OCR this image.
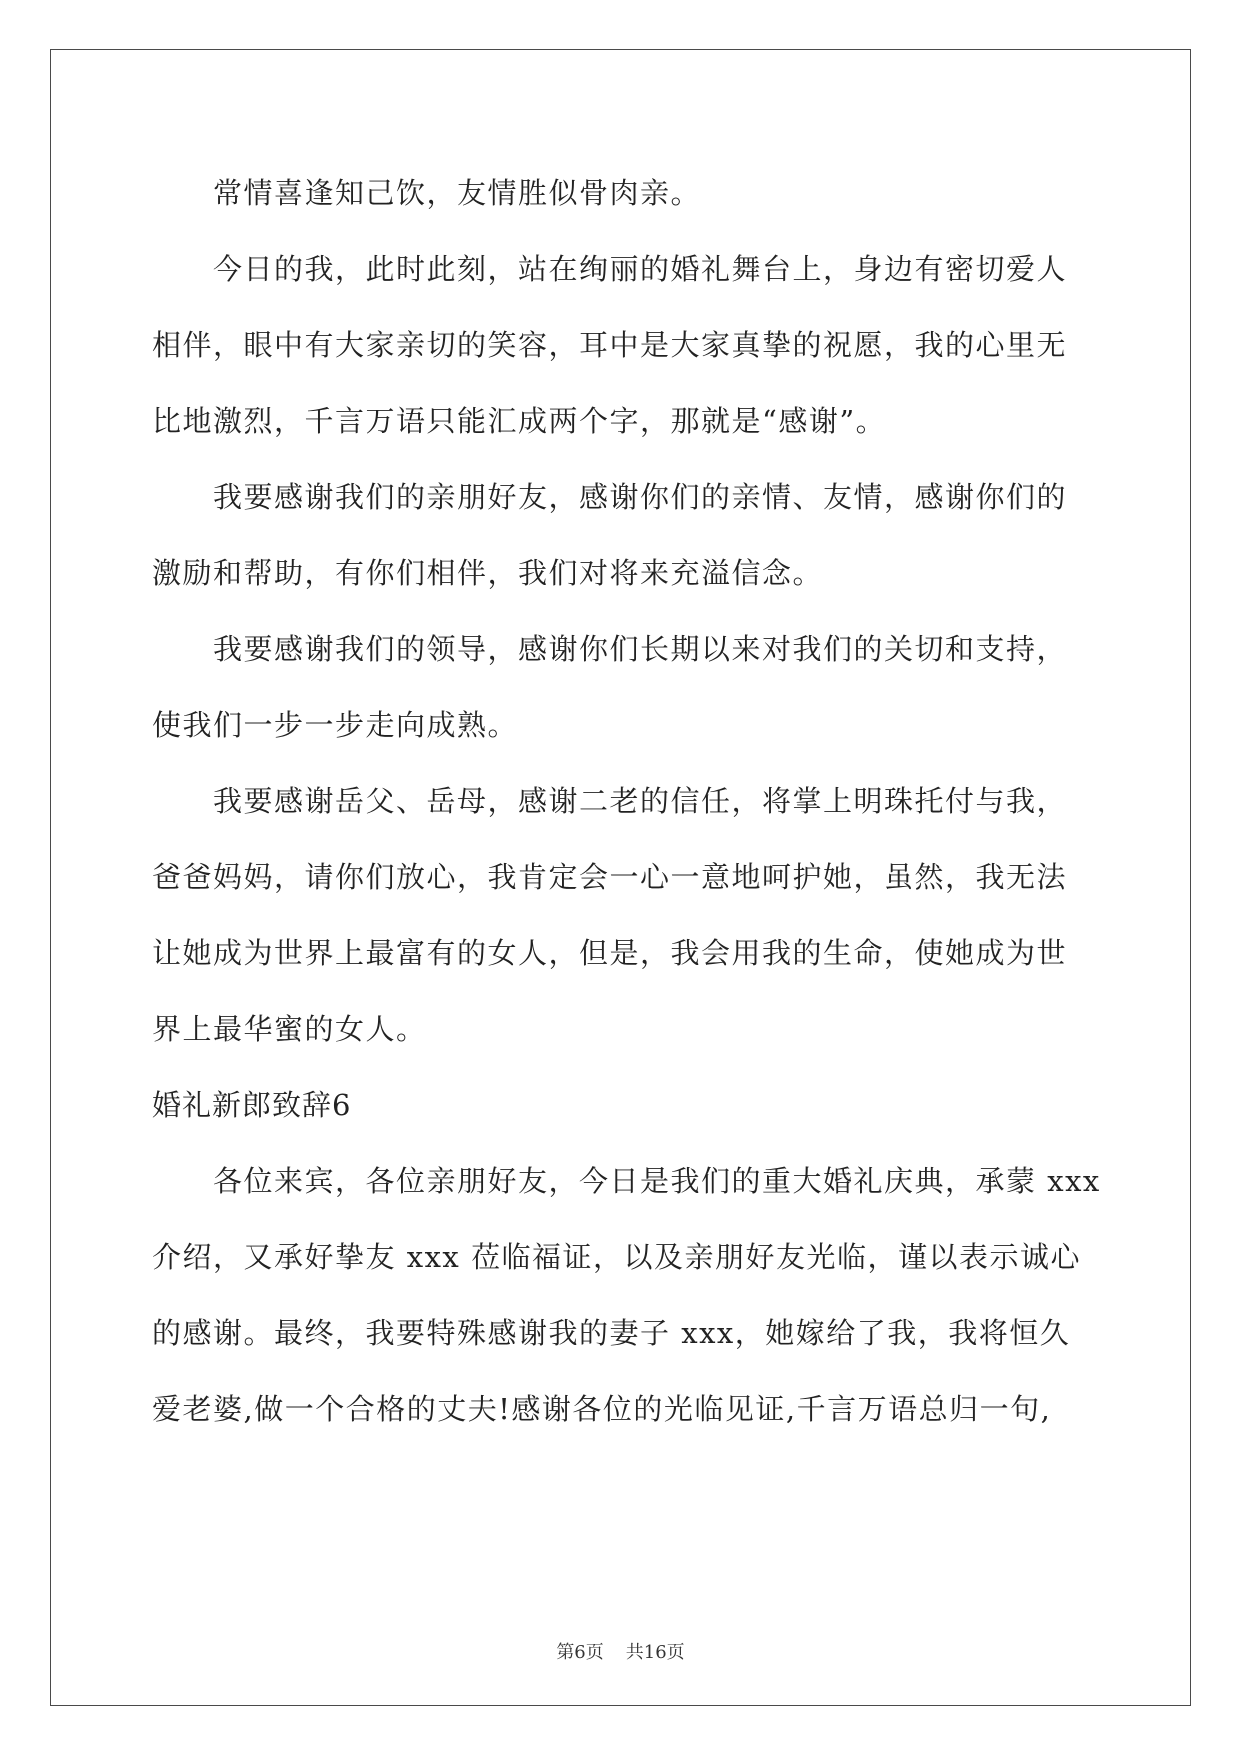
　　常情喜逢知己饮，友情胜似骨肉亲。

　　今日的我，此时此刻，站在绚丽的婚礼舞台上，身边有密切爱人

相伴，眼中有大家亲切的笑容，耳中是大家真挚的祝愿，我的心里无

比地激烈，千言万语只能汇成两个字，那就是“感谢”。

　　我要感谢我们的亲朋好友，感谢你们的亲情、友情，感谢你们的

激励和帮助，有你们相伴，我们对将来充溢信念。

　　我要感谢我们的领导，感谢你们长期以来对我们的关切和支持，

使我们一步一步走向成熟。

　　我要感谢岳父、岳母，感谢二老的信任，将掌上明珠托付与我，

爸爸妈妈，请你们放心，我肯定会一心一意地呵护她，虽然，我无法

让她成为世界上最富有的女人，但是，我会用我的生命，使她成为世

界上最华蜜的女人。

婚礼新郎致辞6

　　各位来宾，各位亲朋好友，今日是我们的重大婚礼庆典，承蒙 xxx

介绍，又承好挚友 xxx 莅临福证，以及亲朋好友光临，谨以表示诚心

的感谢。最终，我要特殊感谢我的妻子 xxx，她嫁给了我，我将恒久

爱老婆,做一个合格的丈夫!感谢各位的光临见证,千言万语总归一句,

第6页 共16页
